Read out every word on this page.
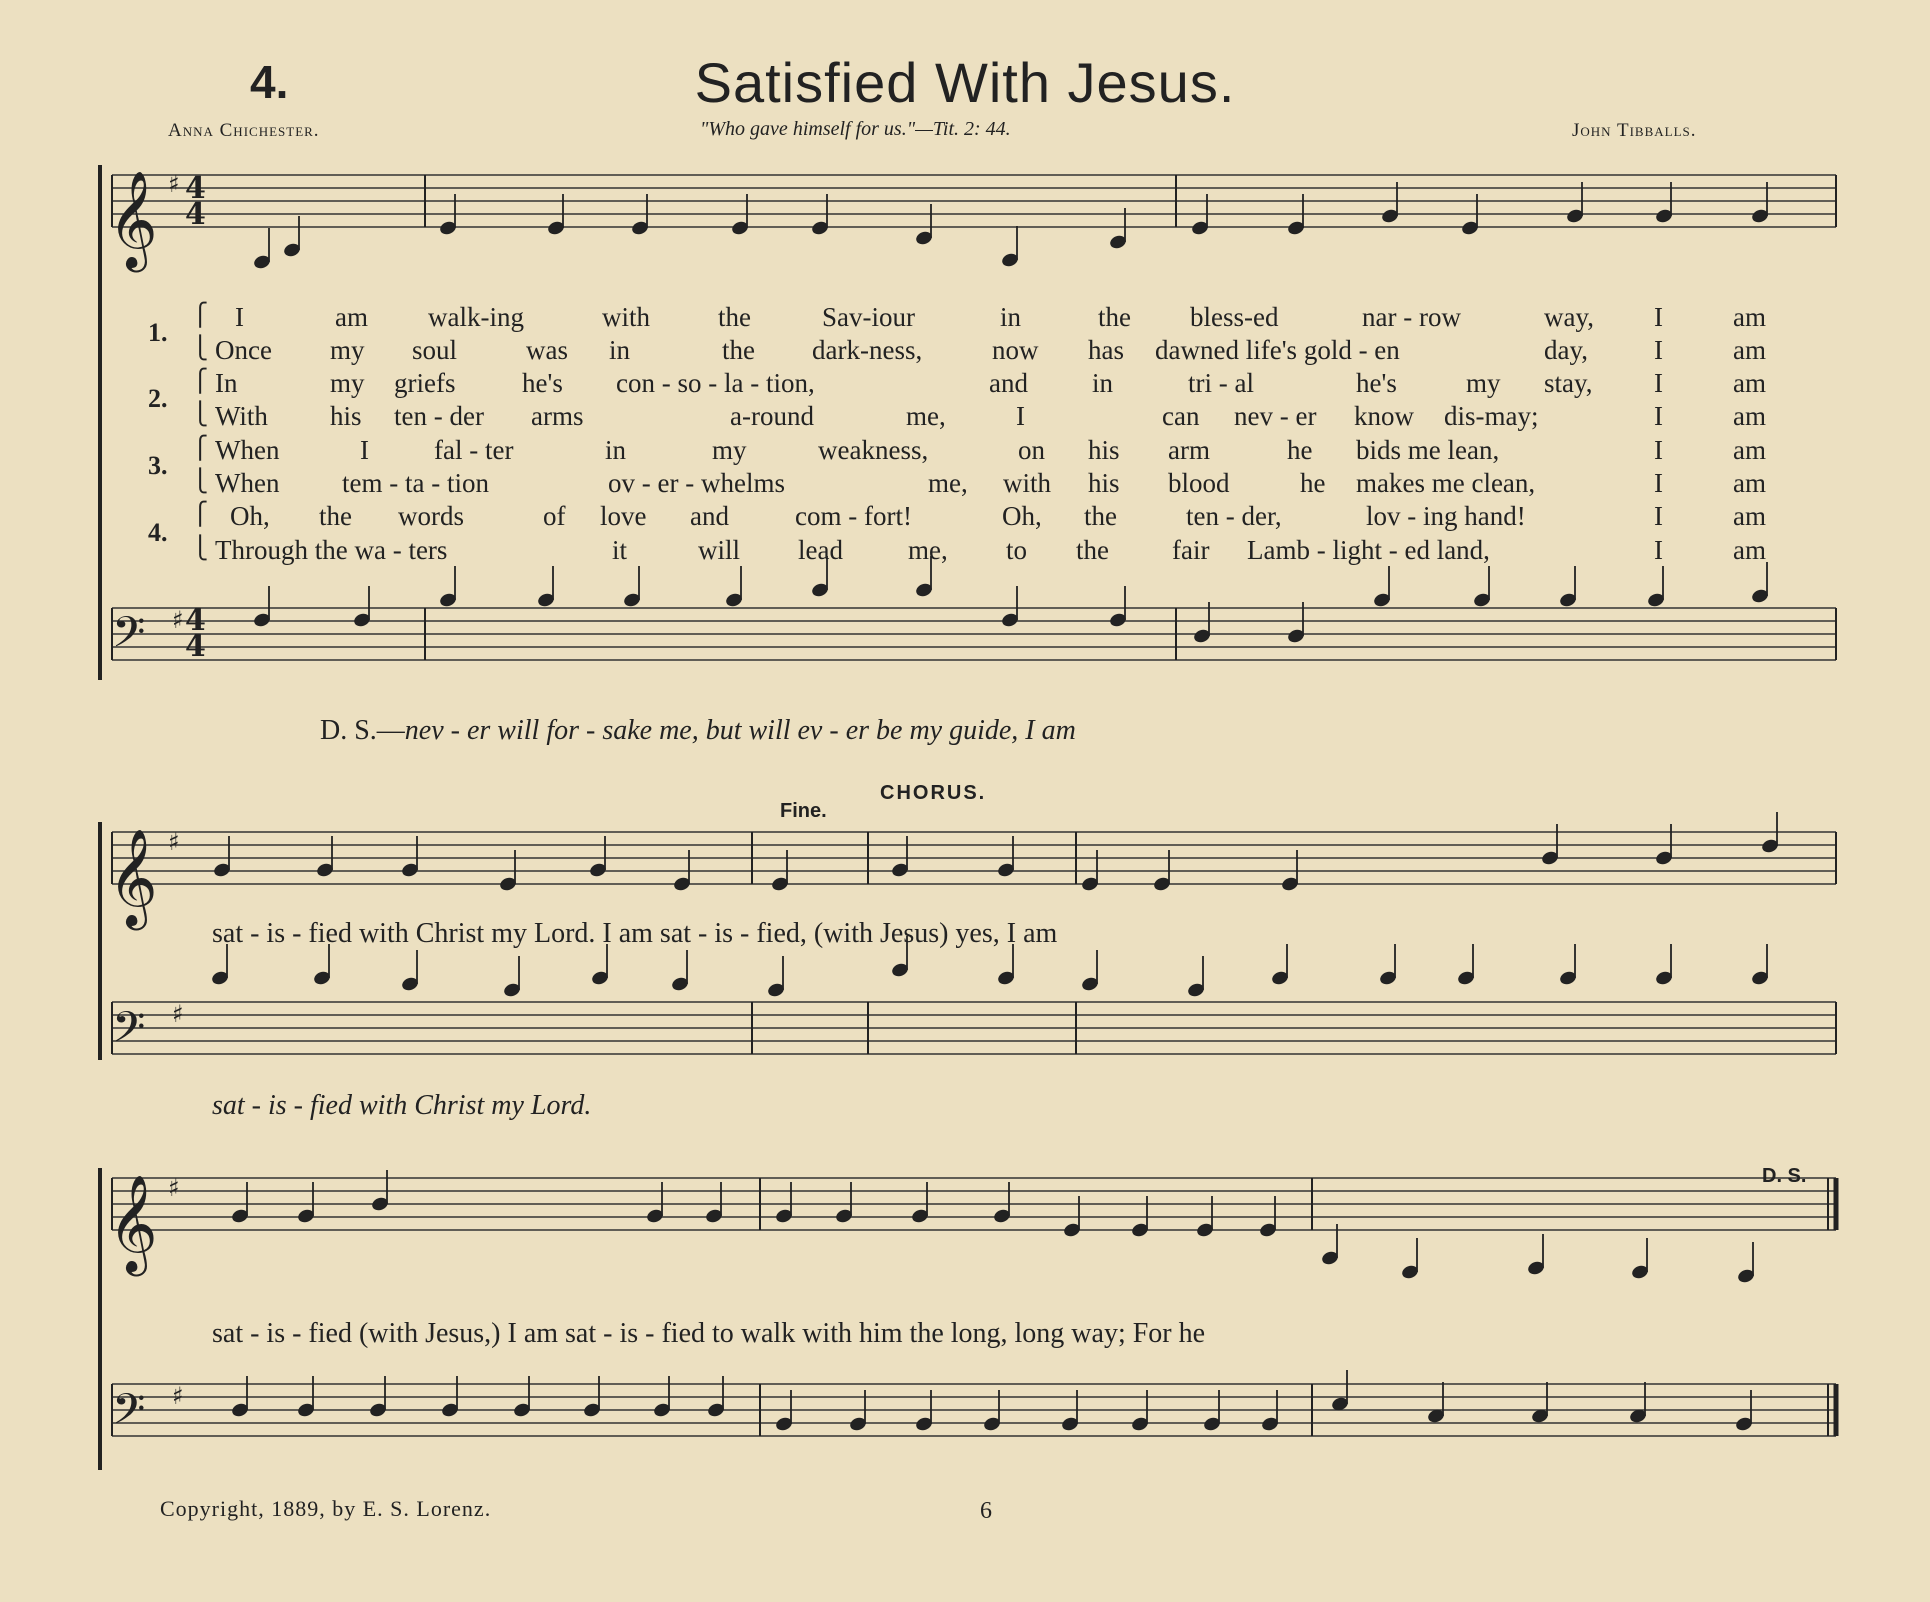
4.	Satisfied With Jesus.
Anna Chichester.	"Who gave himself for us."—Tit. 2: 44.	John Tibballs.
𝄞 ♯ 4
4
𝄢 ♯ 4
4
𝄞 ♯
𝄢 ♯
𝄞 ♯
𝄢 ♯
1.
2.
3.
4.
⎧ I	am walk-ing	with	the	Sav-iour	in	the bless-ed	nar - row	way, I	am
⎩ Once my soul	was in	the dark-ness,	now has dawned life's gold - en	day, I	am
⎧ In	my griefs he's con - so - la - tion,	and in	tri - al	he's	my stay, I	am
⎩ With his ten - der arms	a-round	me,	I	can nev - er know dis-may;	I	am
⎧ When	I fal - ter	in	my	weakness,	on his arm	he bids me lean,	I	am
⎩ When tem - ta - tion	ov - er - whelms	me, with his blood	he makes me clean,	I	am
⎧ Oh, the words	of love and com - fort!	Oh, the	ten - der,	lov - ing hand!	I	am
⎩ Through the wa - ters	it	will lead me, to the fair Lamb - light - ed land,	I	am
D. S.—nev - er will for - sake me, but will ev - er be my guide, I am
Fine.
CHORUS.
D. S.
sat - is - fied with Christ my Lord. I am sat - is - fied, (with Jesus) yes, I am
sat - is - fied with Christ my Lord.
sat - is - fied (with Jesus,) I am sat - is - fied to walk with him the long, long way; For he
Copyright, 1889, by E. S. Lorenz.	6
